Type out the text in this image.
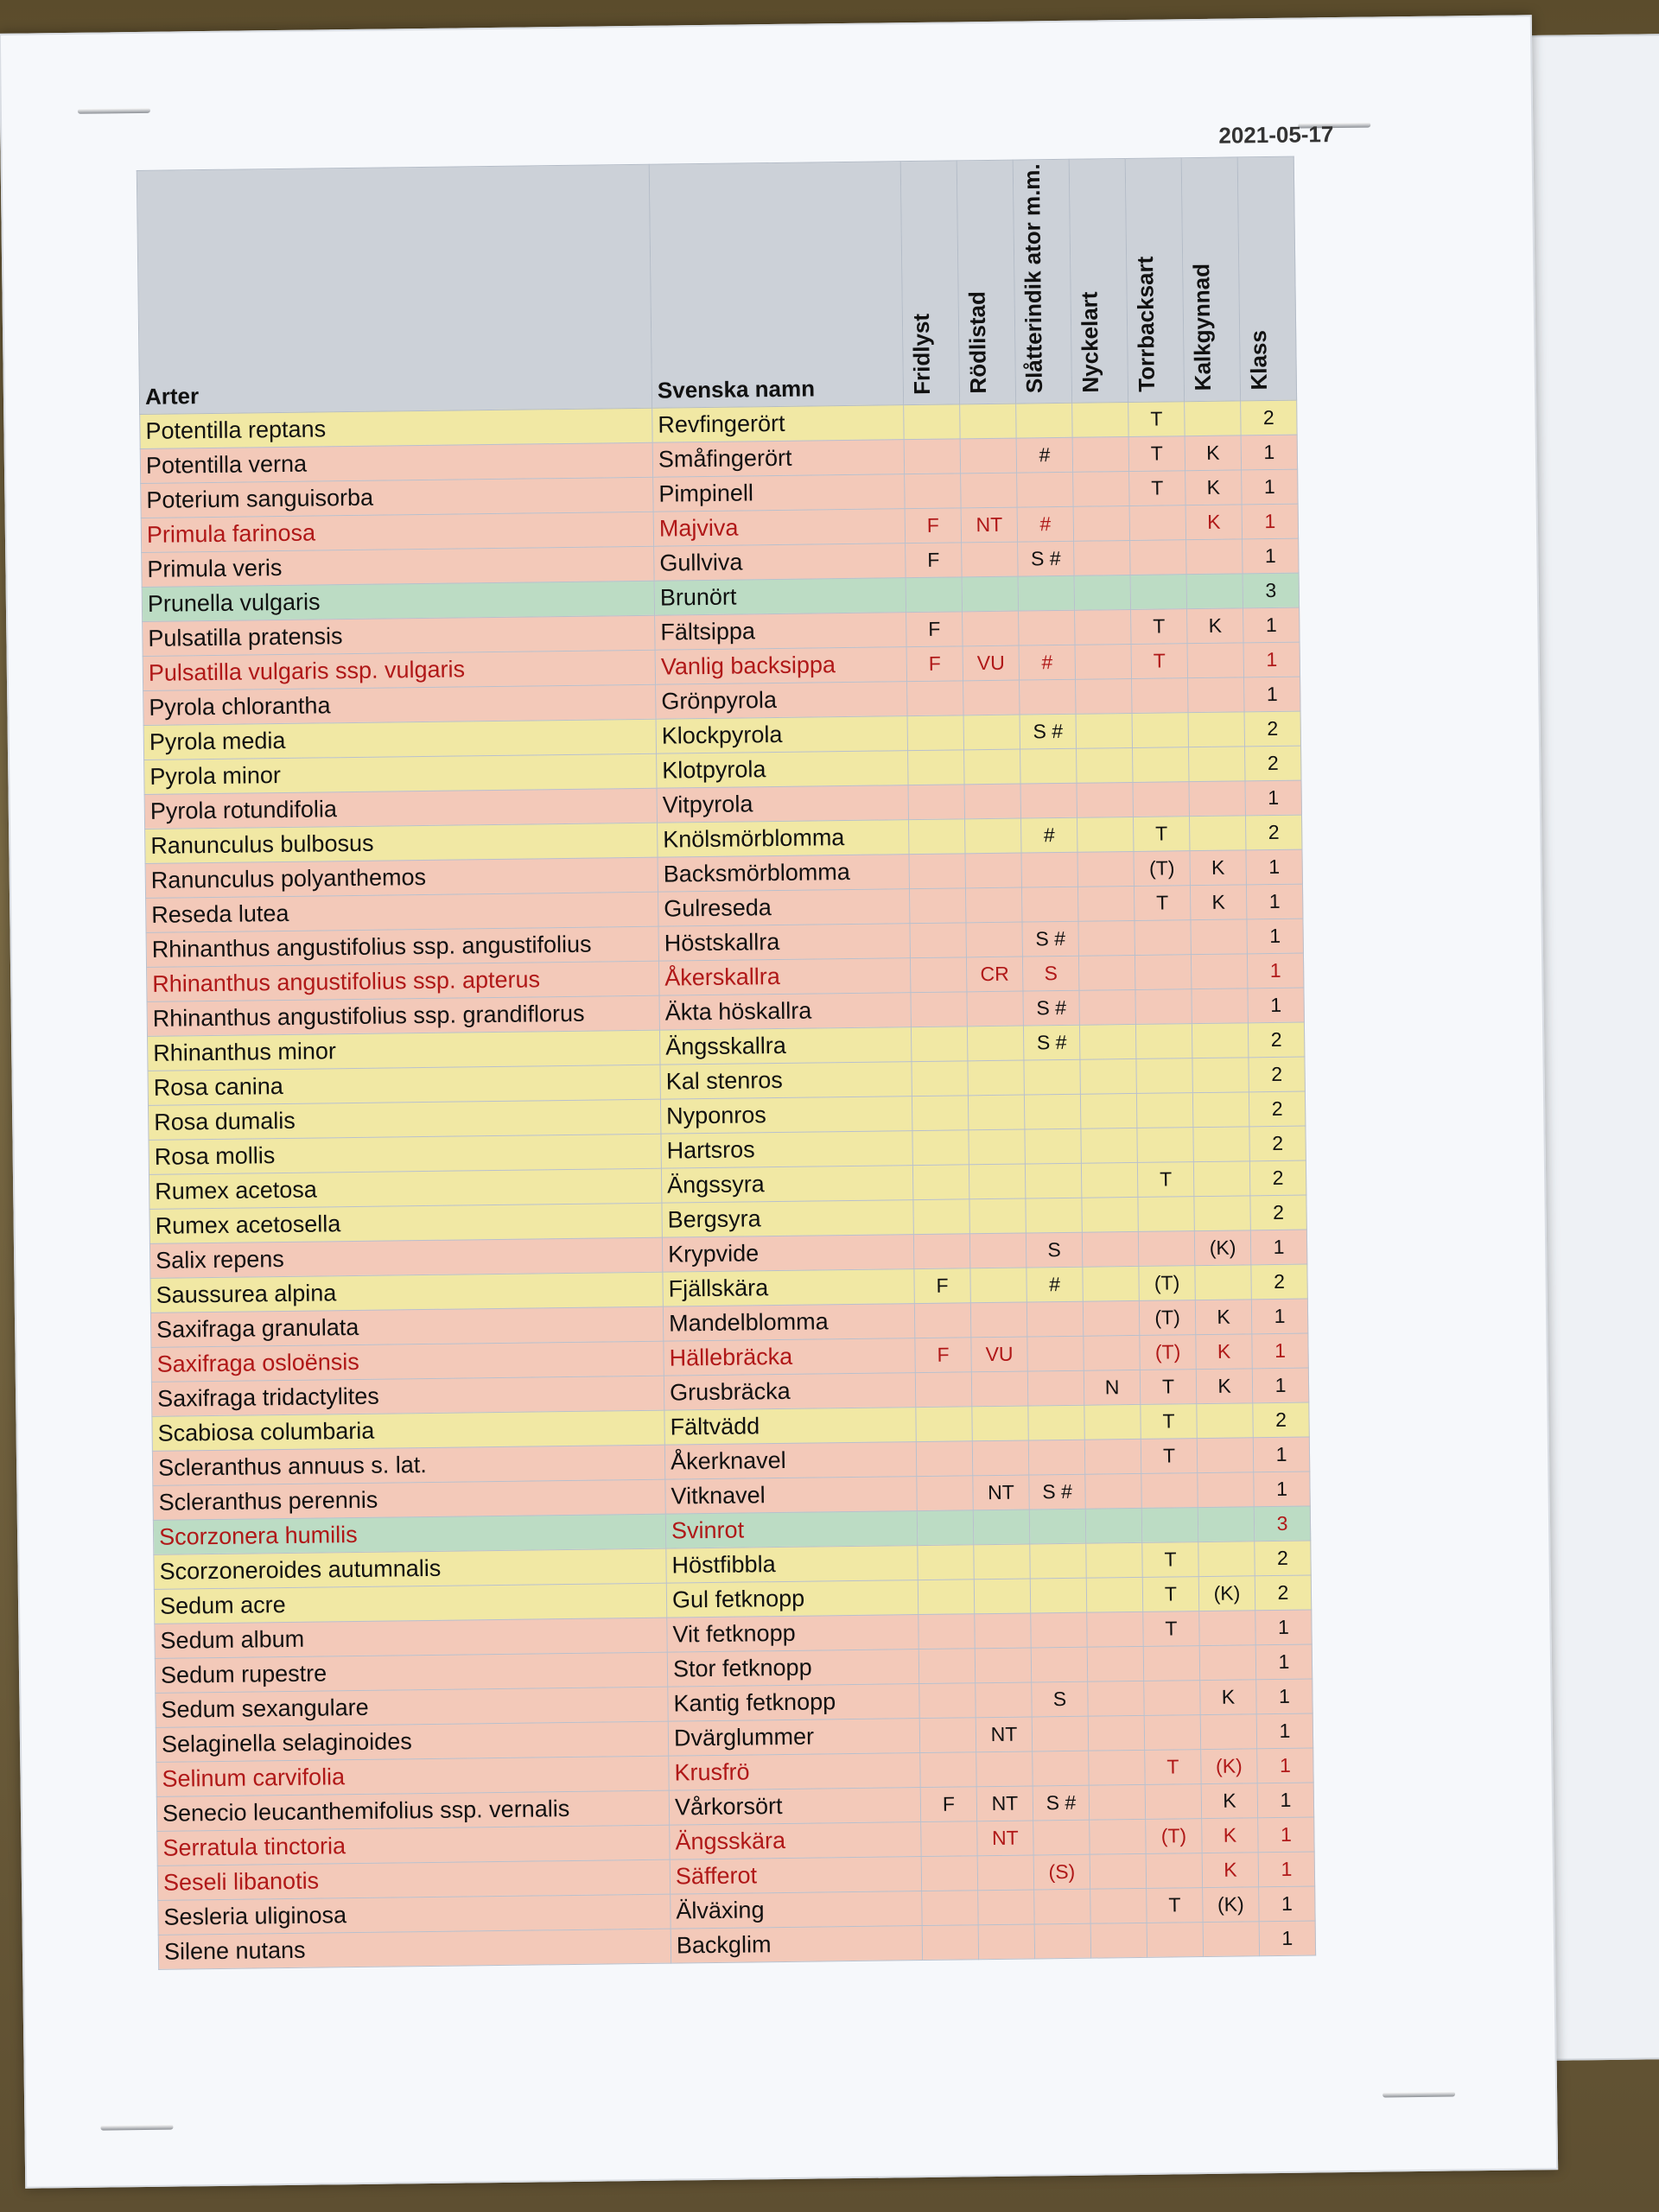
2021-05-17
Arter	Svenska namn	Fridlyst	Rödlistad	Slåtterindik ator m.m.	Nyckelart	Torrbacksart	Kalkgynnad	Klass
Potentilla reptans	Revfingerört					T		2
Potentilla verna	Småfingerört			#		T	K	1
Poterium sanguisorba	Pimpinell					T	K	1
Primula farinosa	Majviva	F	NT	#			K	1
Primula veris	Gullviva	F		S #				1
Prunella vulgaris	Brunört							3
Pulsatilla pratensis	Fältsippa	F				T	K	1
Pulsatilla vulgaris ssp. vulgaris	Vanlig backsippa	F	VU	#		T		1
Pyrola chlorantha	Grönpyrola							1
Pyrola media	Klockpyrola			S #				2
Pyrola minor	Klotpyrola							2
Pyrola rotundifolia	Vitpyrola							1
Ranunculus bulbosus	Knölsmörblomma			#		T		2
Ranunculus polyanthemos	Backsmörblomma					(T)	K	1
Reseda lutea	Gulreseda					T	K	1
Rhinanthus angustifolius ssp. angustifolius	Höstskallra			S #				1
Rhinanthus angustifolius ssp. apterus	Åkerskallra		CR	S				1
Rhinanthus angustifolius ssp. grandiflorus	Äkta höskallra			S #				1
Rhinanthus minor	Ängsskallra			S #				2
Rosa canina	Kal stenros							2
Rosa dumalis	Nyponros							2
Rosa mollis	Hartsros							2
Rumex acetosa	Ängssyra					T		2
Rumex acetosella	Bergsyra							2
Salix repens	Krypvide			S			(K)	1
Saussurea alpina	Fjällskära	F		#		(T)		2
Saxifraga granulata	Mandelblomma					(T)	K	1
Saxifraga osloënsis	Hällebräcka	F	VU			(T)	K	1
Saxifraga tridactylites	Grusbräcka				N	T	K	1
Scabiosa columbaria	Fältvädd					T		2
Scleranthus annuus s. lat.	Åkerknavel					T		1
Scleranthus perennis	Vitknavel		NT	S #				1
Scorzonera humilis	Svinrot							3
Scorzoneroides autumnalis	Höstfibbla					T		2
Sedum acre	Gul fetknopp					T	(K)	2
Sedum album	Vit fetknopp					T		1
Sedum rupestre	Stor fetknopp							1
Sedum sexangulare	Kantig fetknopp			S			K	1
Selaginella selaginoides	Dvärglummer		NT					1
Selinum carvifolia	Krusfrö					T	(K)	1
Senecio leucanthemifolius ssp. vernalis	Vårkorsört	F	NT	S #			K	1
Serratula tinctoria	Ängsskära		NT			(T)	K	1
Seseli libanotis	Säfferot			(S)			K	1
Sesleria uliginosa	Älväxing					T	(K)	1
Silene nutans	Backglim							1
